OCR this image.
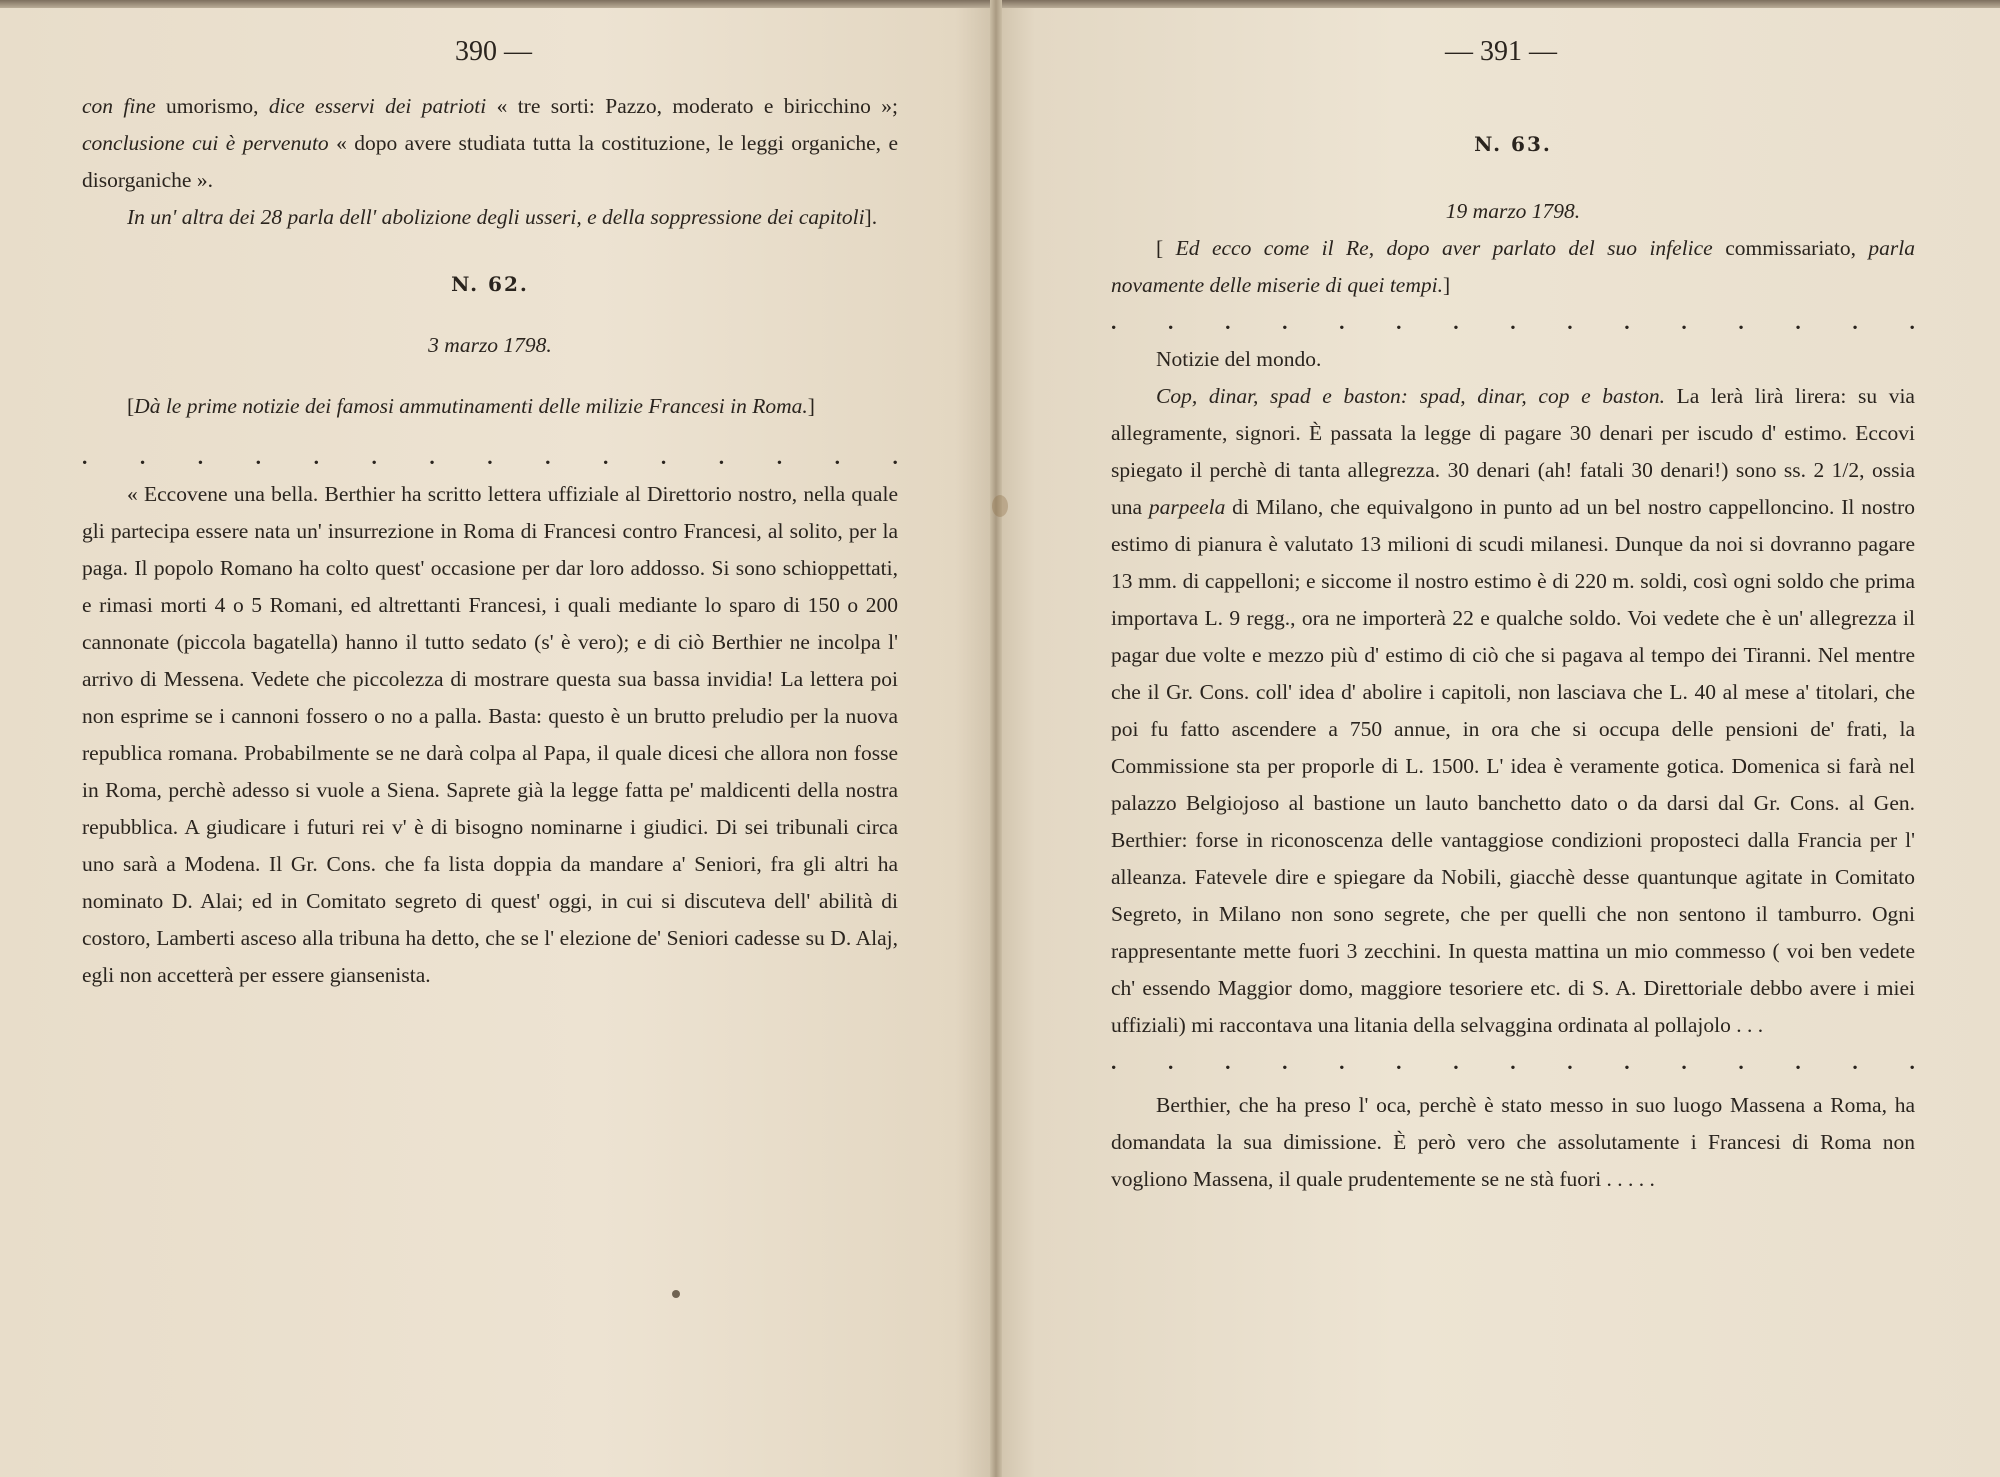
390 —

con fine umorismo, dice esservi dei patrioti « tre sorti: Pazzo, moderato e biricchino »; conclusione cui è pervenuto « dopo avere studiata tutta la costituzione, le leggi organiche, e disorganiche ».

In un' altra dei 28 parla dell' abolizione degli usseri, e della soppressione dei capitoli].

N. 62.

3 marzo 1798.

[Dà le prime notizie dei famosi ammutinamenti delle milizie Francesi in Roma.]

. . . . . . . . . . . . . . .

« Eccovene una bella. Berthier ha scritto lettera uffiziale al Direttorio nostro, nella quale gli partecipa essere nata un' insurrezione in Roma di Francesi contro Francesi, al solito, per la paga. Il popolo Romano ha colto quest' occasione per dar loro addosso. Si sono schioppettati, e rimasi morti 4 o 5 Romani, ed altrettanti Francesi, i quali mediante lo sparo di 150 o 200 cannonate (piccola bagatella) hanno il tutto sedato (s' è vero); e di ciò Berthier ne incolpa l' arrivo di Messena. Vedete che piccolezza di mostrare questa sua bassa invidia! La lettera poi non esprime se i cannoni fossero o no a palla. Basta: questo è un brutto preludio per la nuova republica romana. Probabilmente se ne darà colpa al Papa, il quale dicesi che allora non fosse in Roma, perchè adesso si vuole a Siena. Saprete già la legge fatta pe' maldicenti della nostra repubblica. A giudicare i futuri rei v' è di bisogno nominarne i giudici. Di sei tribunali circa uno sarà a Modena. Il Gr. Cons. che fa lista doppia da mandare a' Seniori, fra gli altri ha nominato D. Alai; ed in Comitato segreto di quest' oggi, in cui si discuteva dell' abilità di costoro, Lamberti asceso alla tribuna ha detto, che se l' elezione de' Seniori cadesse su D. Alaj, egli non accetterà per essere giansenista.

— 391 —

N. 63.

19 marzo 1798.

[ Ed ecco come il Re, dopo aver parlato del suo infelice commissariato, parla novamente delle miserie di quei tempi.]

. . . . . . . . . . . . . . .

Notizie del mondo.

Cop, dinar, spad e baston: spad, dinar, cop e baston. La lerà lirà lirera: su via allegramente, signori. È passata la legge di pagare 30 denari per iscudo d' estimo. Eccovi spiegato il perchè di tanta allegrezza. 30 denari (ah! fatali 30 denari!) sono ss. 2 1/2, ossia una parpeela di Milano, che equivalgono in punto ad un bel nostro cappelloncino. Il nostro estimo di pianura è valutato 13 milioni di scudi milanesi. Dunque da noi si dovranno pagare 13 mm. di cappelloni; e siccome il nostro estimo è di 220 m. soldi, così ogni soldo che prima importava L. 9 regg., ora ne importerà 22 e qualche soldo. Voi vedete che è un' allegrezza il pagar due volte e mezzo più d' estimo di ciò che si pagava al tempo dei Tiranni. Nel mentre che il Gr. Cons. coll' idea d' abolire i capitoli, non lasciava che L. 40 al mese a' titolari, che poi fu fatto ascendere a 750 annue, in ora che si occupa delle pensioni de' frati, la Commissione sta per proporle di L. 1500. L' idea è veramente gotica. Domenica si farà nel palazzo Belgiojoso al bastione un lauto banchetto dato o da darsi dal Gr. Cons. al Gen. Berthier: forse in riconoscenza delle vantaggiose condizioni proposteci dalla Francia per l' alleanza. Fatevele dire e spiegare da Nobili, giacchè desse quantunque agitate in Comitato Segreto, in Milano non sono segrete, che per quelli che non sentono il tamburro. Ogni rappresentante mette fuori 3 zecchini. In questa mattina un mio commesso ( voi ben vedete ch' essendo Maggior domo, maggiore tesoriere etc. di S. A. Direttoriale debbo avere i miei uffiziali) mi raccontava una litania della selvaggina ordinata al pollajolo . . .

. . . . . . . . . . . . . . .

Berthier, che ha preso l' oca, perchè è stato messo in suo luogo Massena a Roma, ha domandata la sua dimissione. È però vero che assolutamente i Francesi di Roma non vogliono Massena, il quale prudentemente se ne stà fuori . . . . .
